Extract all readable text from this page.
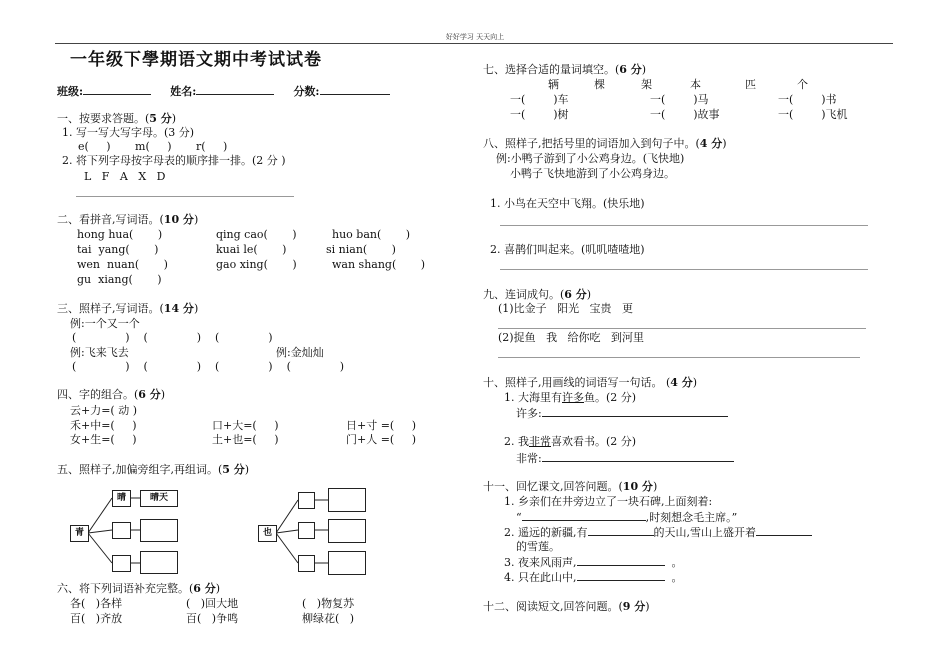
好好学习 天天向上
一年级下學期语文期中考试试卷
班级:	姓名:	分数:
一、按要求答题。(5 分)
1. 写一写大写字母。(3 分)
e(     )       m(     )       r(     )
2. 将下列字母按字母表的顺序排一排。(2 分 )
L   F   A   X   D
二、看拼音,写词语。(10 分)
hong hua(       )	qing cao(       )	huo ban(       )
tai  yang(       )	kuai le(       )	si nian(       )
wen  nuan(       )	gao xing(       )	wan shang(       )
gu  xiang(       )
三、照样子,写词语。(14 分)
例:一个又一个
(              )    (              )    (              )
例:飞来飞去	例:金灿灿
(              )    (              )    (              )    (              )
四、字的组合。(6 分)
云+力=( 动 )
禾+中=(     )	口+大=(     )	日+寸 =(     )
女+生=(     )	土+也=(     )	门+人 =(     )
五、照样子,加偏旁组字,再组词。(5 分)
青
晴	晴天
也
六、将下列词语补充完整。(6 分)
各(   )各样	(   )回大地	(   )物复苏
百(   )齐放	百(   )争鸣	柳绿花(   )
七、选择合适的量词填空。(6 分)
辆	棵	架	本	匹	个
一(        )车	一(        )马	一(        )书
一(        )树	一(        )故事	一(        )飞机
八、照样子,把括号里的词语加入到句子中。(4 分)
例:小鸭子游到了小公鸡身边。(飞快地)
小鸭子飞快地游到了小公鸡身边。
1. 小鸟在天空中飞翔。(快乐地)
2. 喜鹊们叫起来。(叽叽喳喳地)
九、连词成句。(6 分)
(1)比金子   阳光   宝贵   更
(2)捉鱼   我   给你吃   到河里
十、照样子,用画线的词语写一句话。 (4 分)
1. 大海里有许多鱼。(2 分)
许多:
2. 我非常喜欢看书。(2 分)
非常:
十一、回忆课文,回答问题。(10 分)
1. 乡亲们在井旁边立了一块石碑,上面刻着:
“	,时刻想念毛主席。”
2. 遥远的新疆,有	的天山,雪山上盛开着
的雪莲。
3. 夜来风雨声,	。
4. 只在此山中,	。
十二、阅读短文,回答问题。(9 分)
